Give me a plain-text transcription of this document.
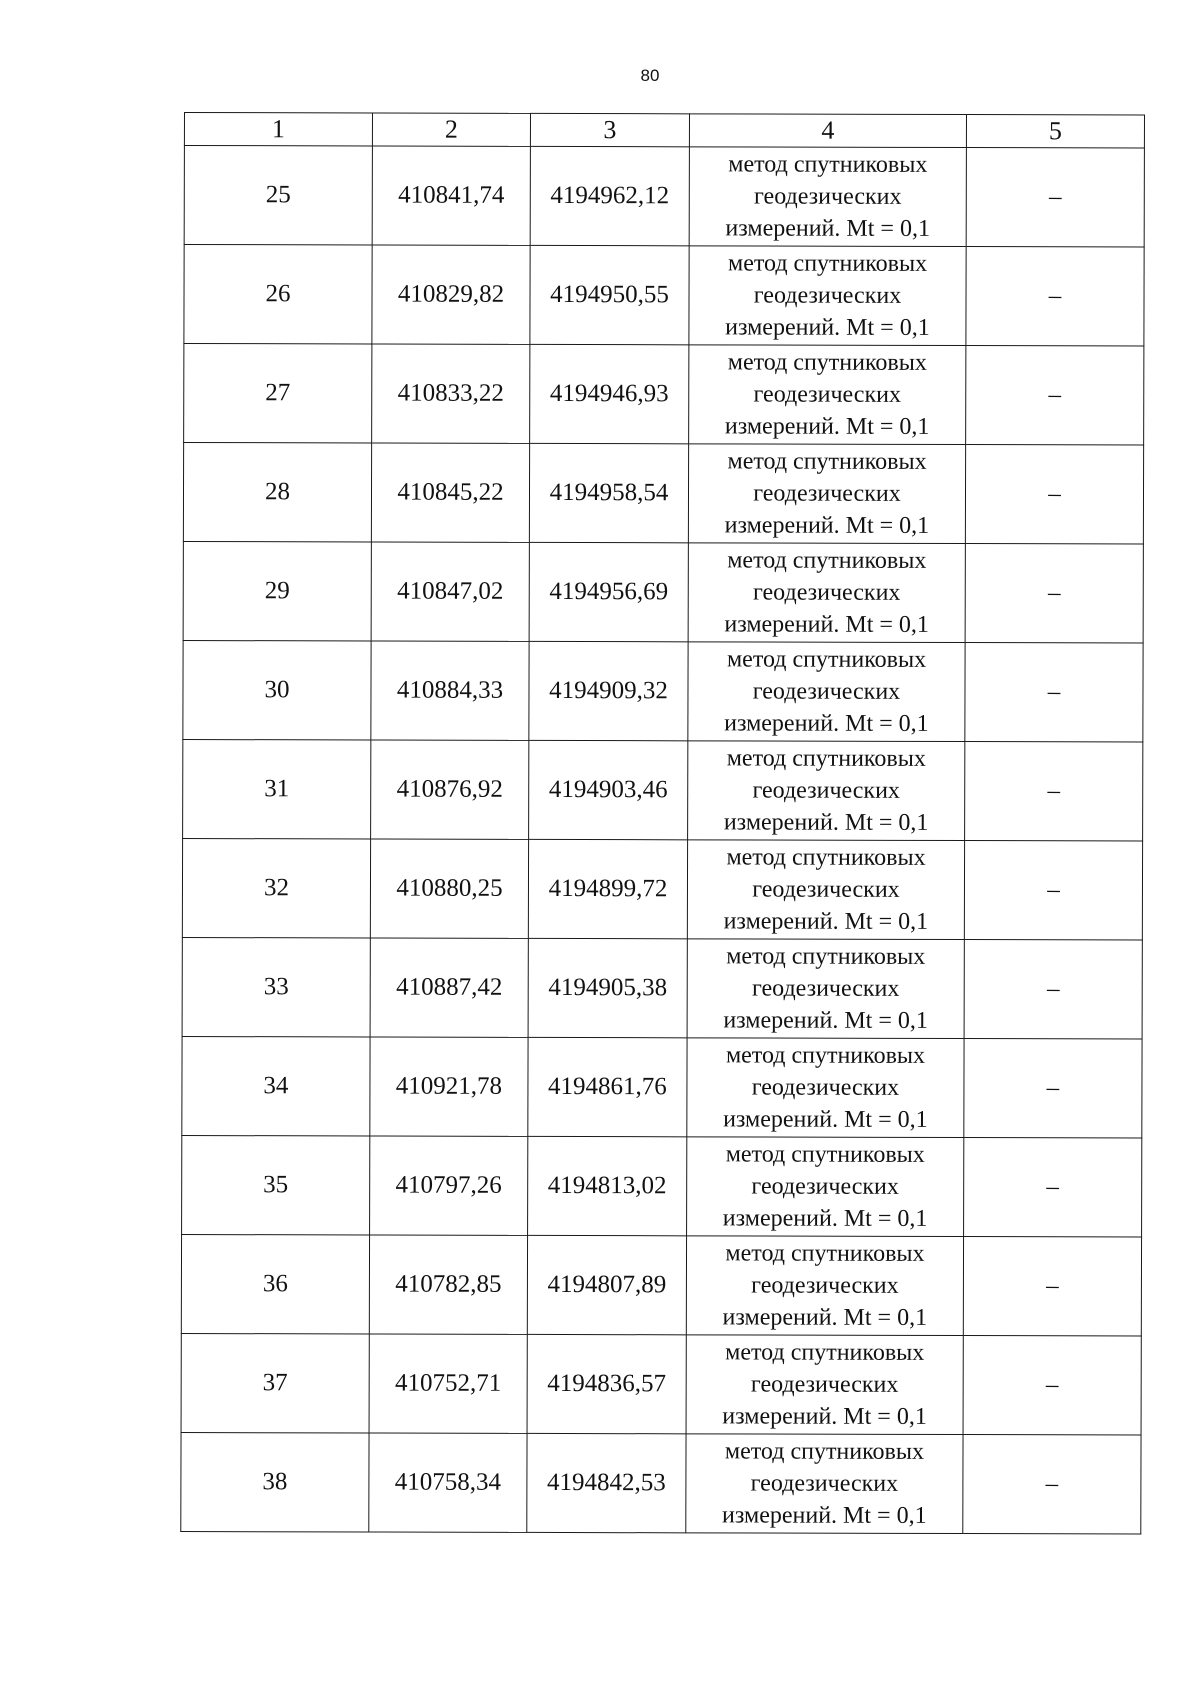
80
1	2	3	4	5
25	410841,74	4194962,12	метод спутниковых
геодезических
измерений. Mt = 0,1	–
26	410829,82	4194950,55	метод спутниковых
геодезических
измерений. Mt = 0,1	–
27	410833,22	4194946,93	метод спутниковых
геодезических
измерений. Mt = 0,1	–
28	410845,22	4194958,54	метод спутниковых
геодезических
измерений. Mt = 0,1	–
29	410847,02	4194956,69	метод спутниковых
геодезических
измерений. Mt = 0,1	–
30	410884,33	4194909,32	метод спутниковых
геодезических
измерений. Mt = 0,1	–
31	410876,92	4194903,46	метод спутниковых
геодезических
измерений. Mt = 0,1	–
32	410880,25	4194899,72	метод спутниковых
геодезических
измерений. Mt = 0,1	–
33	410887,42	4194905,38	метод спутниковых
геодезических
измерений. Mt = 0,1	–
34	410921,78	4194861,76	метод спутниковых
геодезических
измерений. Mt = 0,1	–
35	410797,26	4194813,02	метод спутниковых
геодезических
измерений. Mt = 0,1	–
36	410782,85	4194807,89	метод спутниковых
геодезических
измерений. Mt = 0,1	–
37	410752,71	4194836,57	метод спутниковых
геодезических
измерений. Mt = 0,1	–
38	410758,34	4194842,53	метод спутниковых
геодезических
измерений. Mt = 0,1	–
